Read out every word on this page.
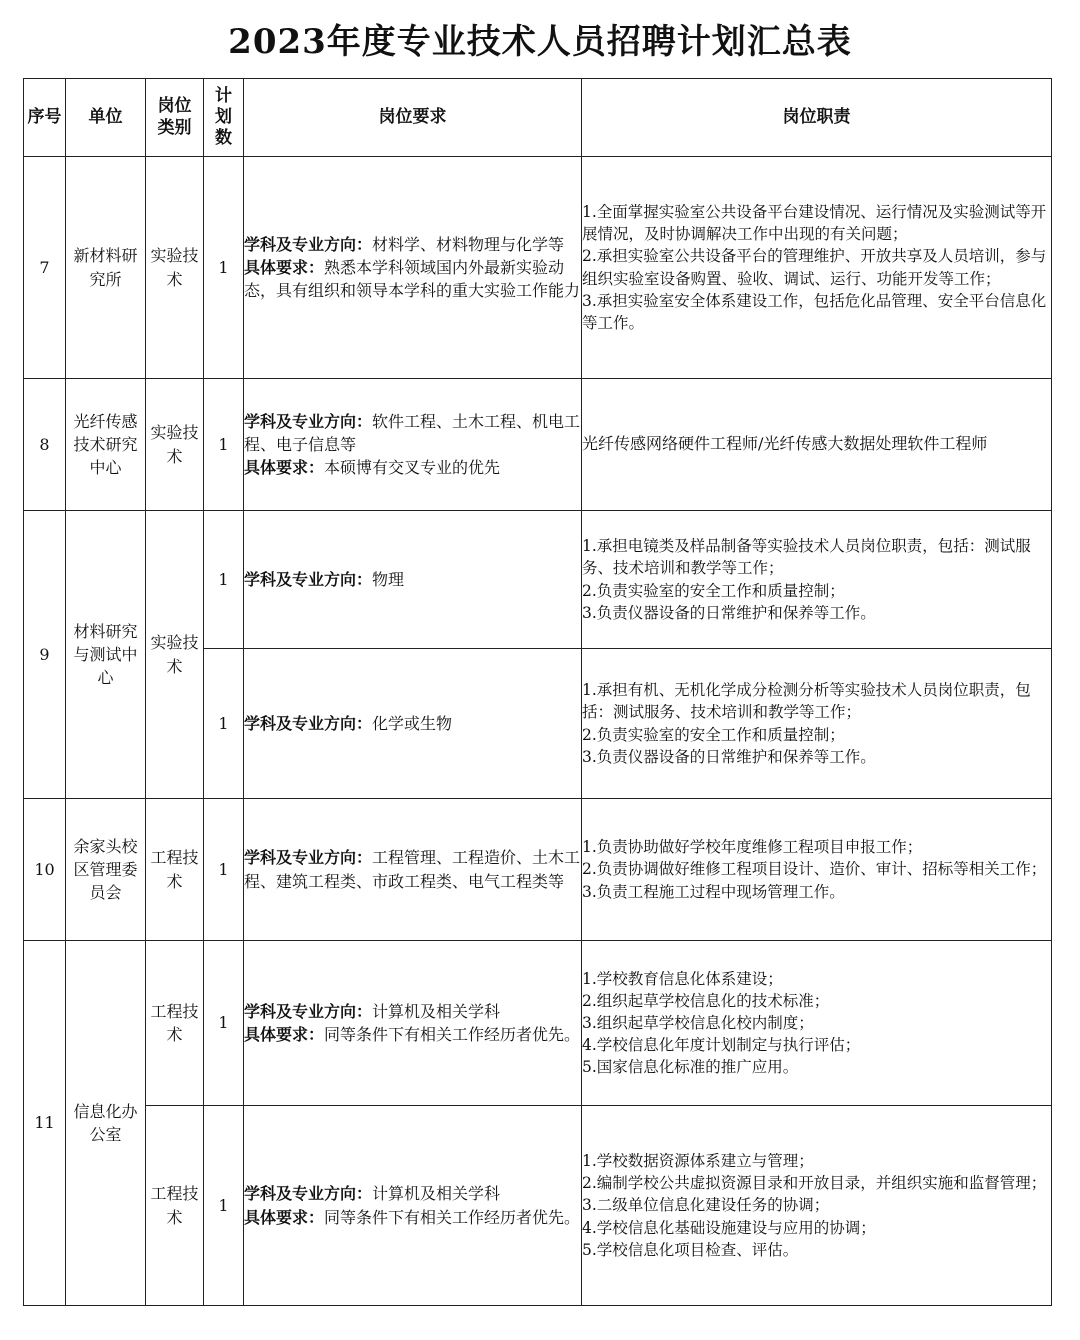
2023年度专业技术人员招聘计划汇总表
序号	单位	岗位类别	计划数	岗位要求	岗位职责
7	新材料研究所	实验技术	1	学科及专业方向：材料学、材料物理与化学等
具体要求：熟悉本学科领域国内外最新实验动态，具有组织和领导本学科的重大实验工作能力	1.全面掌握实验室公共设备平台建设情况、运行情况及实验测试等开展情况，及时协调解决工作中出现的有关问题；
2.承担实验室公共设备平台的管理维护、开放共享及人员培训，参与组织实验室设备购置、验收、调试、运行、功能开发等工作；
3.承担实验室安全体系建设工作，包括危化品管理、安全平台信息化等工作。

8	光纤传感技术研究中心	实验技术	1	学科及专业方向：软件工程、土木工程、机电工程、电子信息等
具体要求：本硕博有交叉专业的优先	光纤传感网络硬件工程师/光纤传感大数据处理软件工程师
9	材料研究与测试中心	实验技术	1	学科及专业方向：物理	1.承担电镜类及样品制备等实验技术人员岗位职责，包括：测试服务、技术培训和教学等工作；
2.负责实验室的安全工作和质量控制；
3.负责仪器设备的日常维护和保养等工作。

			1	学科及专业方向：化学或生物	1.承担有机、无机化学成分检测分析等实验技术人员岗位职责，包括：测试服务、技术培训和教学等工作；
2.负责实验室的安全工作和质量控制；
3.负责仪器设备的日常维护和保养等工作。

10	余家头校区管理委员会	工程技术	1	学科及专业方向：工程管理、工程造价、土木工程、建筑工程类、市政工程类、电气工程类等	1.负责协助做好学校年度维修工程项目申报工作；
2.负责协调做好维修工程项目设计、造价、审计、招标等相关工作；
3.负责工程施工过程中现场管理工作。

11	信息化办公室	工程技术	1	学科及专业方向：计算机及相关学科
具体要求：同等条件下有相关工作经历者优先。	1.学校教育信息化体系建设；
2.组织起草学校信息化的技术标准；
3.组织起草学校信息化校内制度；
4.学校信息化年度计划制定与执行评估；
5.国家信息化标准的推广应用。

		工程技术	1	学科及专业方向：计算机及相关学科
具体要求：同等条件下有相关工作经历者优先。	1.学校数据资源体系建立与管理；
2.编制学校公共虚拟资源目录和开放目录，并组织实施和监督管理；
3.二级单位信息化建设任务的协调；
4.学校信息化基础设施建设与应用的协调；
5.学校信息化项目检查、评估。
